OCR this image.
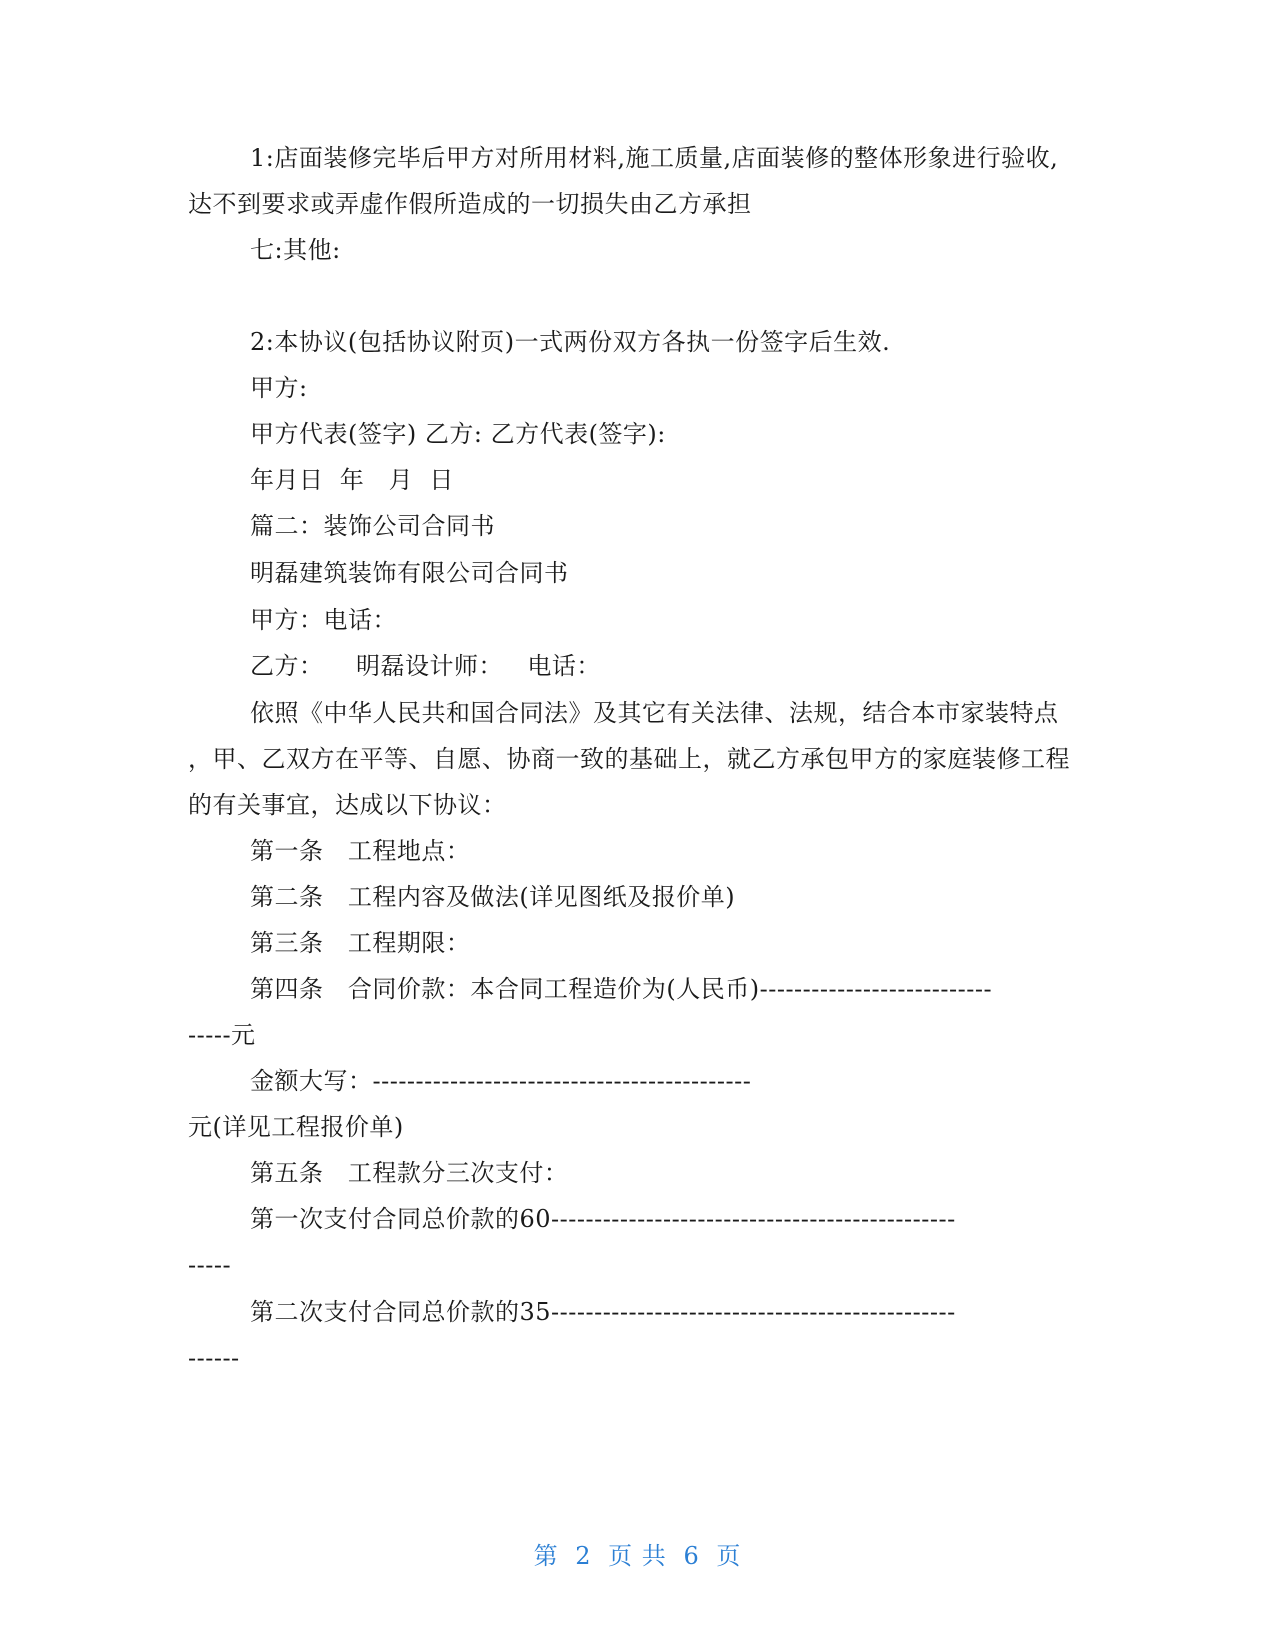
1:店面装修完毕后甲方对所用材料,施工质量,店面装修的整体形象进行验收,
达不到要求或弄虚作假所造成的一切损失由乙方承担
七:其他:
2:本协议(包括协议附页)一式两份双方各执一份签字后生效.
甲方:
甲方代表(签字) 乙方: 乙方代表(签字):
年月日  年   月  日
篇二：装饰公司合同书
明磊建筑装饰有限公司合同书
甲方：电话：
乙方：    明磊设计师：   电话：
依照《中华人民共和国合同法》及其它有关法律、法规，结合本市家装特点
，甲、乙双方在平等、自愿、协商一致的基础上，就乙方承包甲方的家庭装修工程
的有关事宜，达成以下协议：
第一条   工程地点：
第二条   工程内容及做法(详见图纸及报价单)
第三条   工程期限：
第四条   合同价款：本合同工程造价为(人民币)---------------------------
-----元
金额大写：--------------------------------------------
元(详见工程报价单)
第五条   工程款分三次支付：
第一次支付合同总价款的60-----------------------------------------------
-----
第二次支付合同总价款的35-----------------------------------------------
------
第 2 页 共 6 页
